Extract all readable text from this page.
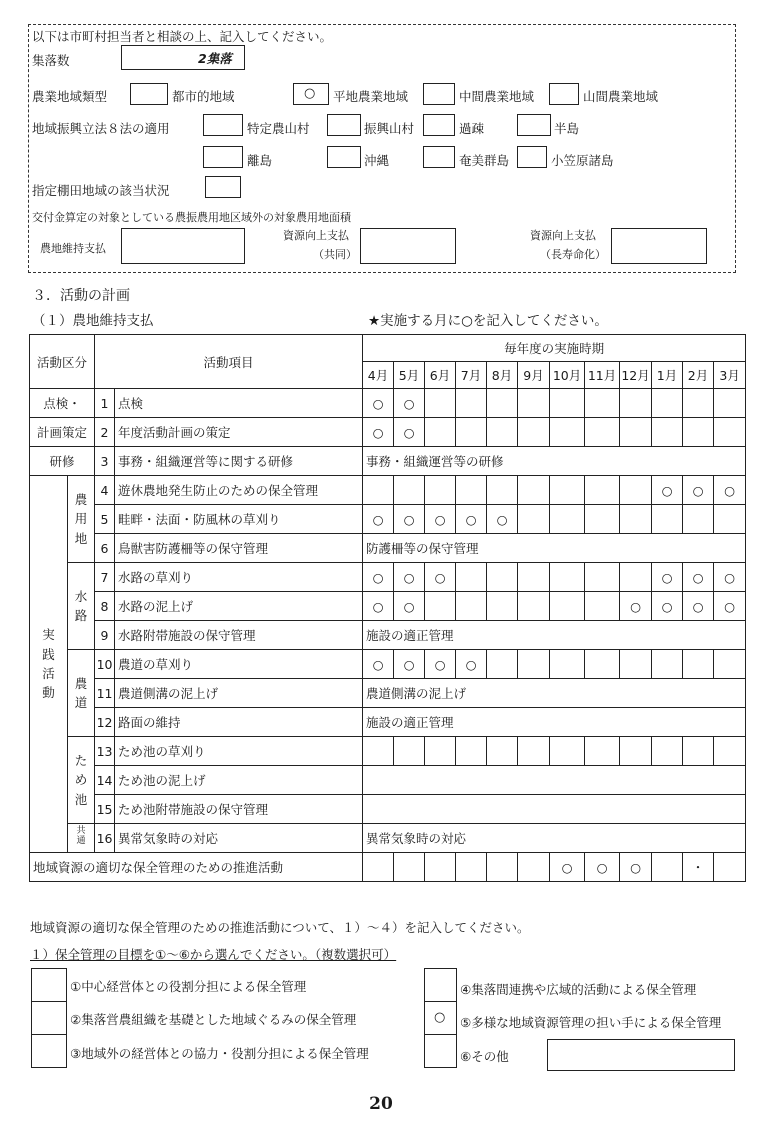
以下は市町村担当者と相談の上、記入してください。
集落数	2集落
農業地域類型	都市的地域	○ 平地農業地域	中間農業地域	山間農業地域
地域振興立法８法の適用	特定農山村	振興山村	過疎	半島
離島	沖縄	奄美群島	小笠原諸島
指定棚田地域の該当状況
交付金算定の対象としている農振農用地区域外の対象農用地面積
農地維持支払
資源向上支払
（共同）
資源向上支払
（長寿命化）
３．活動の計画
（１）農地維持支払	★実施する月に○を記入してください。
活動区分		活動項目		毎年度の実施時期											
				4月	5月	6月	7月	8月	9月	10月	11月	12月	1月	2月	3月
点検・		1	点検	○	○										
計画策定		2	年度活動計画の策定	○	○										
研修		3	事務・組織運営等に関する研修	事務・組織運営等の研修											
実践活動	農用地	4	遊休農地発生防止のための保全管理										○	○	○
		5	畦畔・法面・防風林の草刈り	○	○	○	○	○							
		6	鳥獣害防護柵等の保守管理	防護柵等の保守管理											
	水路	7	水路の草刈り	○	○	○							○	○	○
		8	水路の泥上げ	○	○							○	○	○	○
		9	水路附帯施設の保守管理	施設の適正管理											
	農道	10	農道の草刈り	○	○	○	○								
		11	農道側溝の泥上げ	農道側溝の泥上げ											
		12	路面の維持	施設の適正管理											
	ため池	13	ため池の草刈り												
		14	ため池の泥上げ												
		15	ため池附帯施設の保守管理												
	共通	16	異常気象時の対応	異常気象時の対応											
地域資源の適切な保全管理のための推進活動										○	○	○		・	
地域資源の適切な保全管理のための推進活動について、１）～４）を記入してください。
１）保全管理の目標を①～⑥から選んでください。（複数選択可）
①中心経営体との役割分担による保全管理
②集落営農組織を基礎とした地域ぐるみの保全管理
③地域外の経営体との協力・役割分担による保全管理
○
④集落間連携や広域的活動による保全管理
⑤多様な地域資源管理の担い手による保全管理
⑥その他
20
